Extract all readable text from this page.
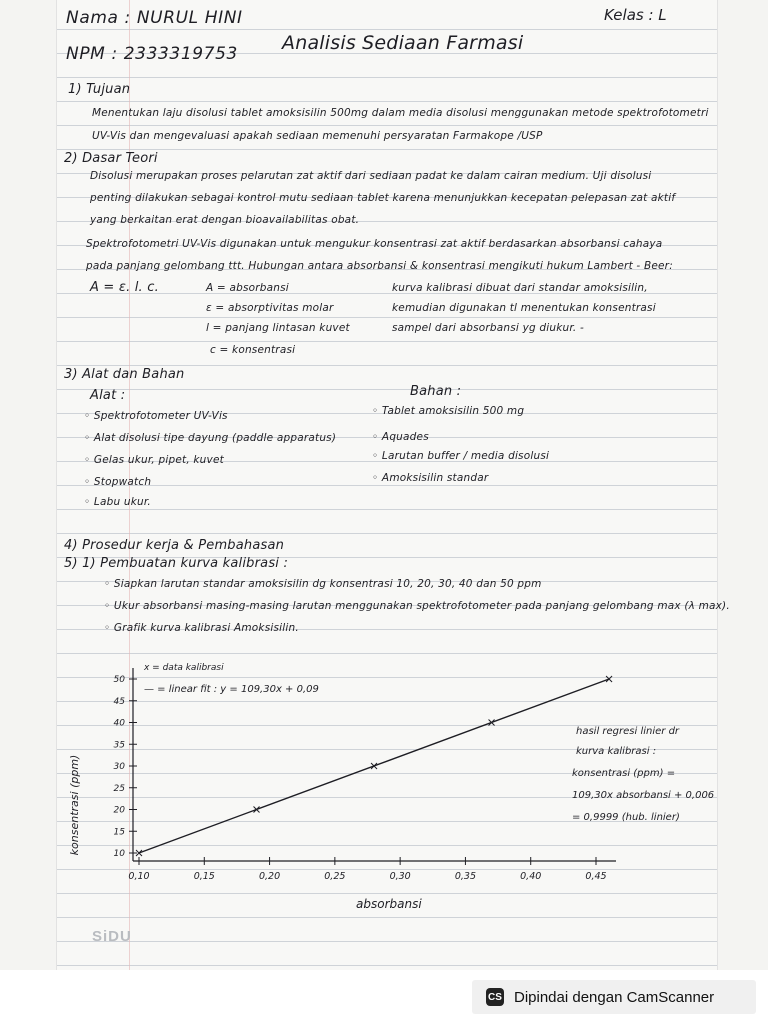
Nama : NURUL HINI	Kelas : L
NPM : 2333319753 Analisis Sediaan Farmasi
1) Tujuan
Menentukan laju disolusi tablet amoksisilin 500mg dalam media disolusi menggunakan metode spektrofotometri
UV-Vis dan mengevaluasi apakah sediaan memenuhi persyaratan Farmakope /USP
2) Dasar Teori
Disolusi merupakan proses pelarutan zat aktif dari sediaan padat ke dalam cairan medium. Uji disolusi
penting dilakukan sebagai kontrol mutu sediaan tablet karena menunjukkan kecepatan pelepasan zat aktif
yang berkaitan erat dengan bioavailabilitas obat.
Spektrofotometri UV-Vis digunakan untuk mengukur konsentrasi zat aktif berdasarkan absorbansi cahaya
pada panjang gelombang ttt. Hubungan antara absorbansi & konsentrasi mengikuti hukum Lambert - Beer:
A = ε. l. c.	A = absorbansi
ε = absorptivitas molar
l = panjang lintasan kuvet
c = konsentrasi
kurva kalibrasi dibuat dari standar amoksisilin,
kemudian digunakan tl menentukan konsentrasi
sampel dari absorbansi yg diukur. -
3) Alat dan Bahan
Alat :	Bahan :
◦ Spektrofotometer UV-Vis
◦ Alat disolusi tipe dayung (paddle apparatus)
◦ Gelas ukur, pipet, kuvet
◦ Stopwatch
◦ Labu ukur.
◦ Tablet amoksisilin 500 mg
◦ Aquades
◦ Larutan buffer / media disolusi
◦ Amoksisilin standar
4) Prosedur kerja & Pembahasan
5) 1) Pembuatan kurva kalibrasi :
◦ Siapkan larutan standar amoksisilin dg konsentrasi 10, 20, 30, 40 dan 50 ppm
◦ Ukur absorbansi masing-masing larutan menggunakan spektrofotometer pada panjang gelombang max (λ max).
◦ Grafik kurva kalibrasi Amoksisilin.
10
15
20
25
30
35
40
45
50
0,10	0,15	0,20	0,25	0,30	0,35	0,40	0,45
absorbansi
konsentrasi (ppm)
x = data kalibrasi
— = linear fit : y = 109,30x + 0,09
hasil regresi linier dr
kurva kalibrasi :
konsentrasi (ppm) =
109,30x absorbansi + 0,006
= 0,9999 (hub. linier)
SiDU
CS Dipindai dengan CamScanner
